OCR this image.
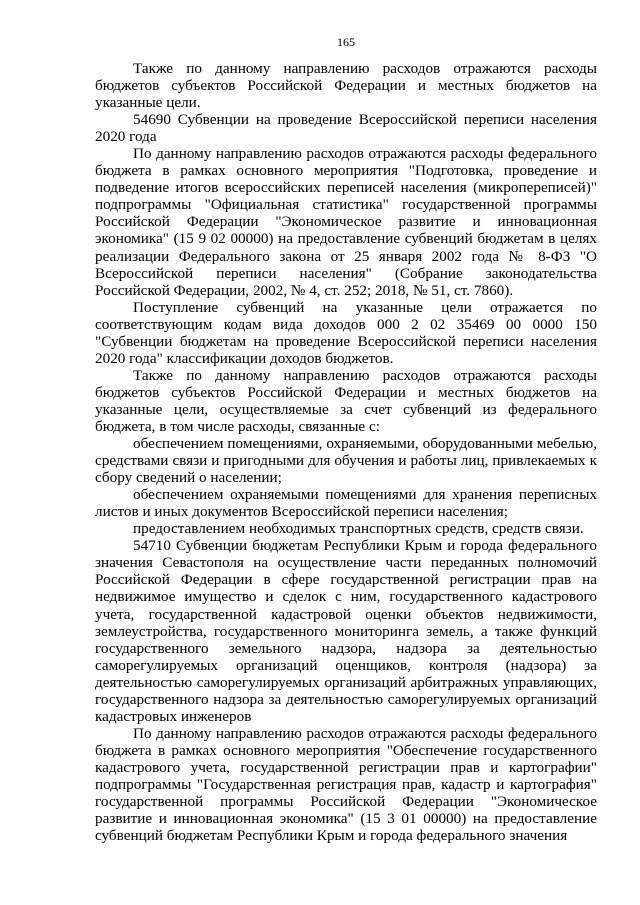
165

Также по данному направлению расходов отражаются расходы бюджетов субъектов Российской Федерации и местных бюджетов на указанные цели.

54690 Субвенции на проведение Всероссийской переписи населения 2020 года

По данному направлению расходов отражаются расходы федерального бюджета в рамках основного мероприятия "Подготовка, проведение и подведение итогов всероссийских переписей населения (микропереписей)" подпрограммы "Официальная статистика" государственной программы Российской Федерации "Экономическое развитие и инновационная экономика" (15 9 02 00000) на предоставление субвенций бюджетам в целях реализации Федерального закона от 25 января 2002 года № 8-ФЗ "О Всероссийской переписи населения" (Собрание законодательства Российской Федерации, 2002, № 4, ст. 252; 2018, № 51, ст. 7860).

Поступление субвенций на указанные цели отражается по соответствующим кодам вида доходов 000 2 02 35469 00 0000 150 "Субвенции бюджетам на проведение Всероссийской переписи населения 2020 года" классификации доходов бюджетов.

Также по данному направлению расходов отражаются расходы бюджетов субъектов Российской Федерации и местных бюджетов на указанные цели, осуществляемые за счет субвенций из федерального бюджета, в том числе расходы, связанные с:

обеспечением помещениями, охраняемыми, оборудованными мебелью, средствами связи и пригодными для обучения и работы лиц, привлекаемых к сбору сведений о населении;

обеспечением охраняемыми помещениями для хранения переписных листов и иных документов Всероссийской переписи населения;

предоставлением необходимых транспортных средств, средств связи.

54710 Субвенции бюджетам Республики Крым и города федерального значения Севастополя на осуществление части переданных полномочий Российской Федерации в сфере государственной регистрации прав на недвижимое имущество и сделок с ним, государственного кадастрового учета, государственной кадастровой оценки объектов недвижимости, землеустройства, государственного мониторинга земель, а также функций государственного земельного надзора, надзора за деятельностью саморегулируемых организаций оценщиков, контроля (надзора) за деятельностью саморегулируемых организаций арбитражных управляющих, государственного надзора за деятельностью саморегулируемых организаций кадастровых инженеров

По данному направлению расходов отражаются расходы федерального бюджета в рамках основного мероприятия "Обеспечение государственного кадастрового учета, государственной регистрации прав и картографии" подпрограммы "Государственная регистрация прав, кадастр и картография" государственной программы Российской Федерации "Экономическое развитие и инновационная экономика" (15 3 01 00000) на предоставление субвенций бюджетам Республики Крым и города федерального значения
